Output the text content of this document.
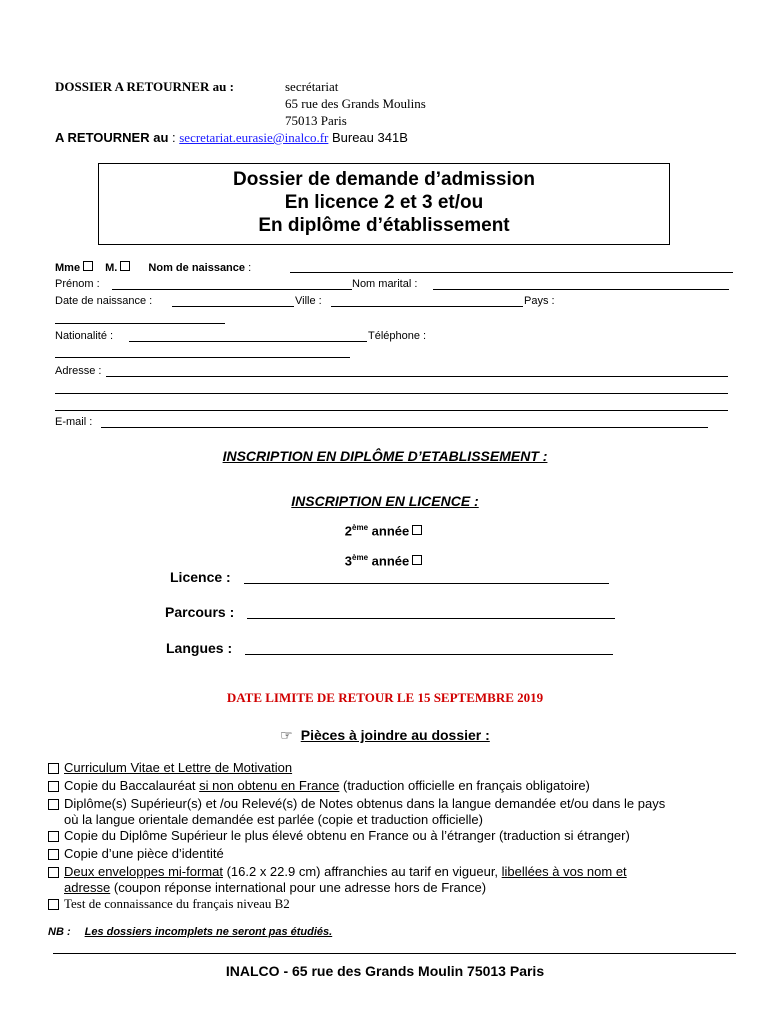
DOSSIER A RETOURNER au :	secrétariat
65 rue des Grands Moulins
75013 Paris
A RETOURNER au : secretariat.eurasie@inalco.fr Bureau 341B
Dossier de demande d’admission
En licence 2 et 3 et/ou
En diplôme d’établissement
Mme M.	Nom de naissance :
Prénom :	Nom marital :
Date de naissance :	Ville :	Pays :
Nationalité :	Téléphone :
Adresse :
E-mail :
INSCRIPTION EN DIPLÔME D’ETABLISSEMENT :
INSCRIPTION EN LICENCE :
2ème année
3ème année
Licence :
Parcours :
Langues :
DATE LIMITE DE RETOUR LE 15 SEPTEMBRE 2019
☞ Pièces à joindre au dossier :
Curriculum Vitae et Lettre de Motivation
Copie du Baccalauréat si non obtenu en France (traduction officielle en français obligatoire)
Diplôme(s) Supérieur(s) et /ou Relevé(s) de Notes obtenus dans la langue demandée et/ou dans le pays
où la langue orientale demandée est parlée (copie et traduction officielle)
Copie du Diplôme Supérieur le plus élevé obtenu en France ou à l’étranger (traduction si étranger)
Copie d’une pièce d’identité
Deux enveloppes mi-format (16.2 x 22.9 cm) affranchies au tarif en vigueur, libellées à vos nom et
adresse (coupon réponse international pour une adresse hors de France)
Test de connaissance du français niveau B2
NB : Les dossiers incomplets ne seront pas étudiés.
INALCO - 65 rue des Grands Moulin 75013 Paris
